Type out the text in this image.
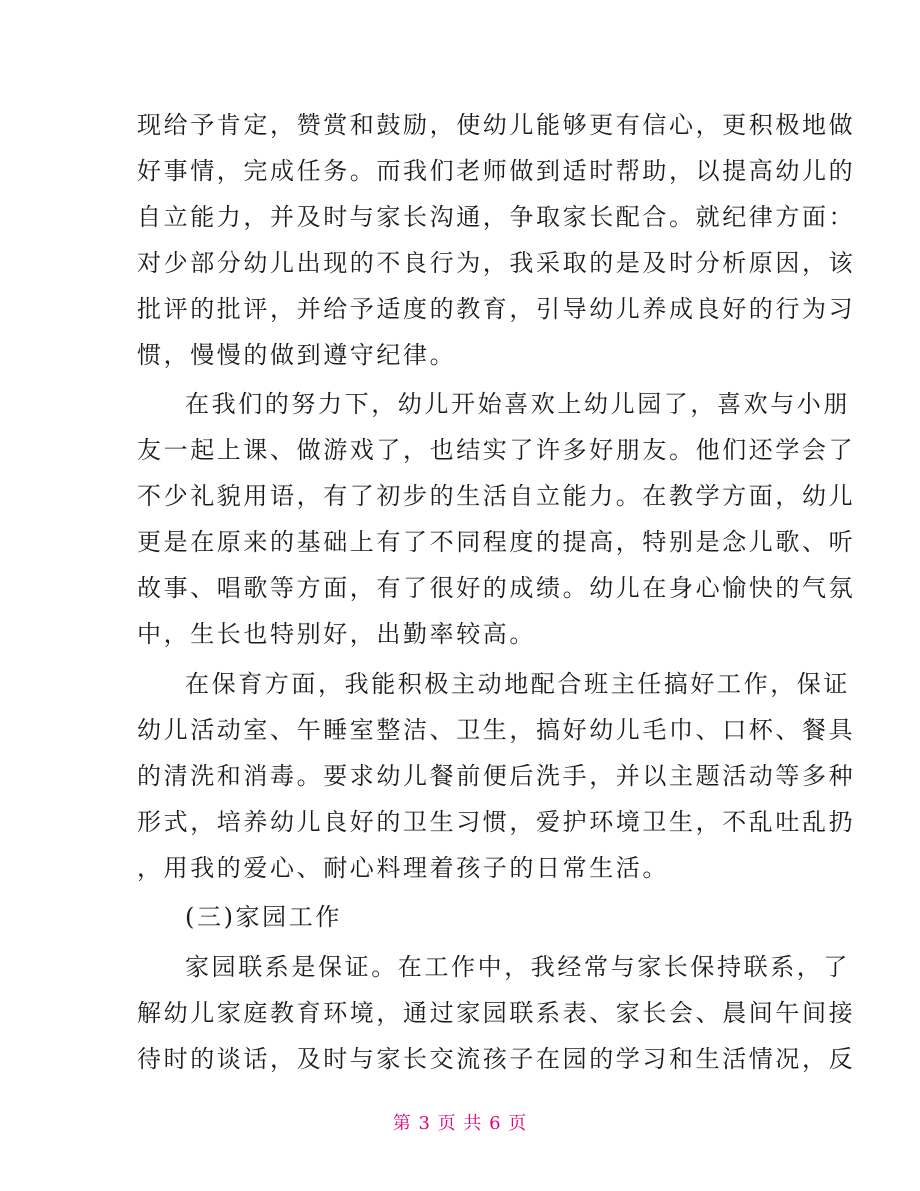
现给予肯定，赞赏和鼓励，使幼儿能够更有信心，更积极地做
好事情，完成任务。而我们老师做到适时帮助，以提高幼儿的
自立能力，并及时与家长沟通，争取家长配合。就纪律方面：
对少部分幼儿出现的不良行为，我采取的是及时分析原因，该
批评的批评，并给予适度的教育，引导幼儿养成良好的行为习
惯，慢慢的做到遵守纪律。
在我们的努力下，幼儿开始喜欢上幼儿园了，喜欢与小朋
友一起上课、做游戏了，也结实了许多好朋友。他们还学会了
不少礼貌用语，有了初步的生活自立能力。在教学方面，幼儿
更是在原来的基础上有了不同程度的提高，特别是念儿歌、听
故事、唱歌等方面，有了很好的成绩。幼儿在身心愉快的气氛
中，生长也特别好，出勤率较高。
在保育方面，我能积极主动地配合班主任搞好工作，保证
幼儿活动室、午睡室整洁、卫生，搞好幼儿毛巾、口杯、餐具
的清洗和消毒。要求幼儿餐前便后洗手，并以主题活动等多种
形式，培养幼儿良好的卫生习惯，爱护环境卫生，不乱吐乱扔
，用我的爱心、耐心料理着孩子的日常生活。
(三)家园工作
家园联系是保证。在工作中，我经常与家长保持联系，了
解幼儿家庭教育环境，通过家园联系表、家长会、晨间午间接
待时的谈话，及时与家长交流孩子在园的学习和生活情况，反
第 3 页 共 6 页
